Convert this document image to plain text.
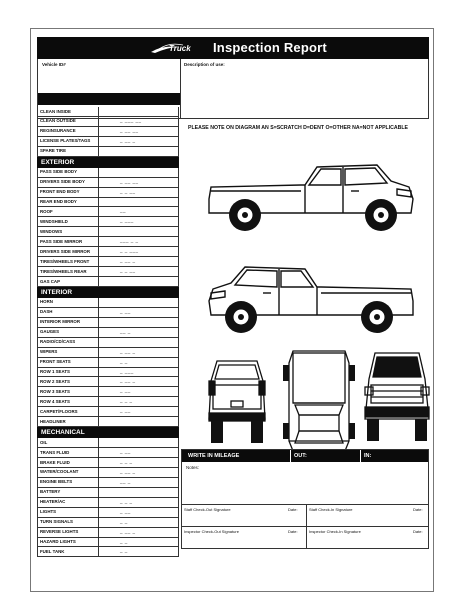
Truck Inspection Report
Vehicle ID#	Description of use:
CLEAN INSIDE
CLEAN OUTSIDE	_ ___ __
REGINSURANCE	_ __ __
LICENSE PLATES/TAGS	_ __ _
SPARE TIRE
EXTERIOR
PASS SIDE BODY
DRIVERS SIDE BODY	_ __ __
FRONT END BODY	_ _ __
REAR END BODY
ROOF	__
WINDSHIELD	_ ___
WINDOWS
PASS SIDE MIRROR	___ _ _
DRIVERS SIDE MIRROR	_ _ ___
TIRES/WHEELS FRONT	_ __ _
TIRES/WHEELS REAR	_ _ __
GAS CAP
INTERIOR
HORN
DASH	_ __
INTERIOR MIRROR
GAUGES	__ _
RADIO/CD/CASS
WIPERS	_ __ _
FRONT SEATS	_ _
ROW 1 SEATS	_ ___
ROW 2 SEATS	_ __ _
ROW 3 SEATS	_ __
ROW 4 SEATS	_ _ _
CARPET/FLOORS	_ __
HEADLINER
MECHANICAL
OIL
TRANS FLUID	_ __
BRAKE FLUID	_ _ _
WATER/COOLANT	_ __ _
ENGINE BELTS	__ _
BATTERY
HEATER/AC	_ _ _
LIGHTS	_ __
TURN SIGNALS	_ _
REVERSE LIGHTS	_ __ _
HAZARD LIGHTS	_ _
FUEL TANK	_ _
PLEASE NOTE ON DIAGRAM AN S=SCRATCH D=DENT O=OTHER NA=NOT APPLICABLE
WRITE IN MILEAGE	OUT:	IN:
Notes:
Staff Check-Out Signature	Date:	Staff Check-In Signature	Date:
Inspector Check-Out Signature	Date:	Inspector Check-In Signature	Date:
